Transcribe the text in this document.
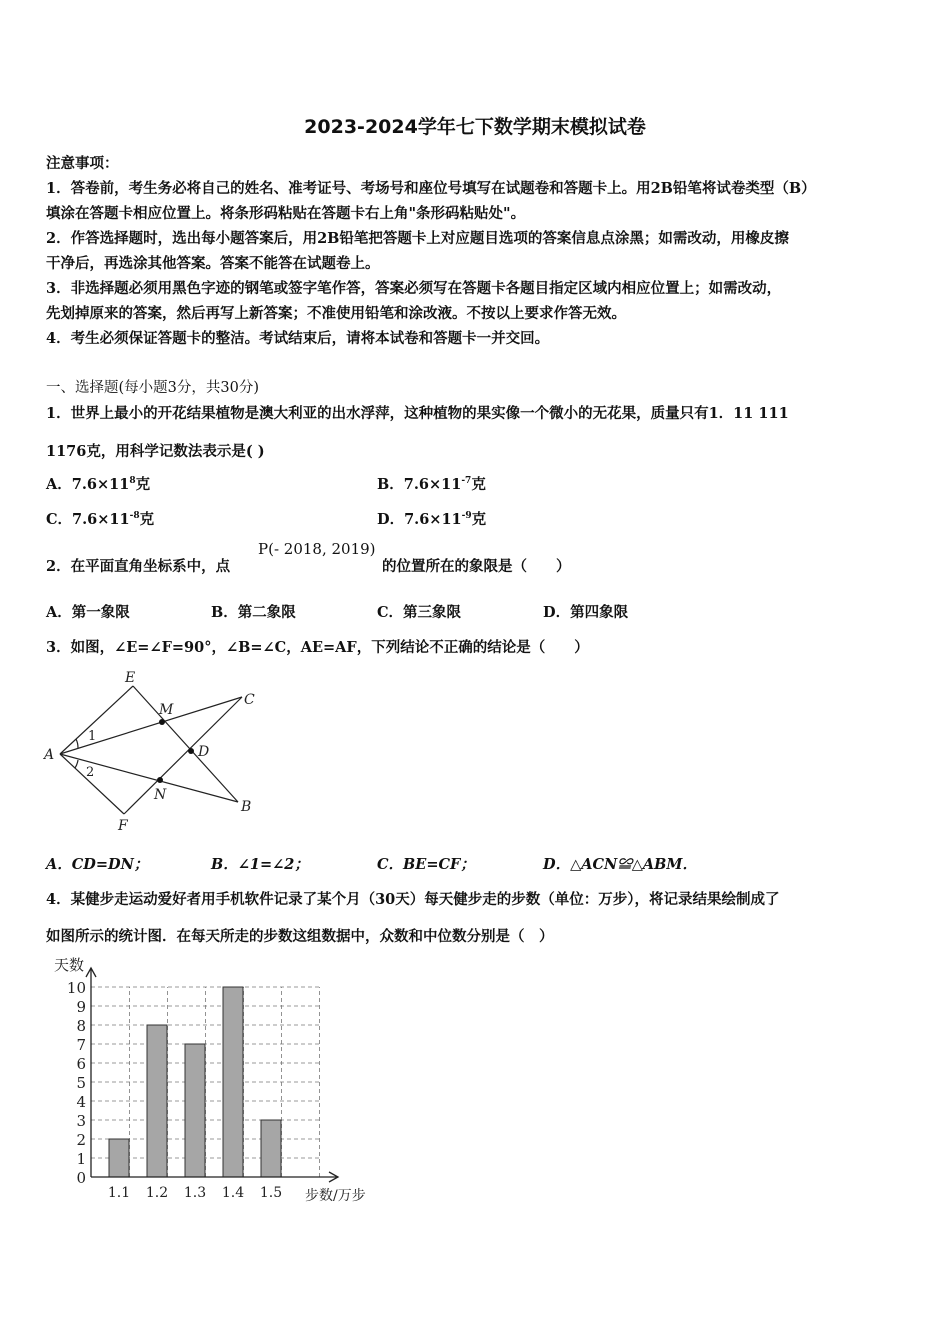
2023-2024学年七下数学期末模拟试卷
注意事项：
1．答卷前，考生务必将自己的姓名、准考证号、考场号和座位号填写在试题卷和答题卡上。用2B铅笔将试卷类型（B）
填涂在答题卡相应位置上。将条形码粘贴在答题卡右上角"条形码粘贴处"。
2．作答选择题时，选出每小题答案后，用2B铅笔把答题卡上对应题目选项的答案信息点涂黑；如需改动，用橡皮擦
干净后，再选涂其他答案。答案不能答在试题卷上。
3．非选择题必须用黑色字迹的钢笔或签字笔作答，答案必须写在答题卡各题目指定区域内相应位置上；如需改动，
先划掉原来的答案，然后再写上新答案；不准使用铅笔和涂改液。不按以上要求作答无效。
4．考生必须保证答题卡的整洁。考试结束后，请将本试卷和答题卡一并交回。
一、选择题(每小题3分，共30分)
1．世界上最小的开花结果植物是澳大利亚的出水浮萍，这种植物的果实像一个微小的无花果，质量只有1．11 111
1176克，用科学记数法表示是( )
A．$7.6\times 11^8$克	B．$7.6\times 11^{-7}$克
C．$7.6\times 11^{-8}$克	D．$7.6\times 11^{-9}$克
2．在平面直角坐标系中，点
P(- 2018, 2019)
的位置所在的象限是（　　）
A．第一象限	B．第二象限	C．第三象限	D．第四象限
3．如图，∠E=∠F=90°，∠B=∠C，AE=AF，下列结论不正确的结论是（　　）
A
E
C
M
D
N
B
F
1
2
A．CD=DN；	B．∠1=∠2；	C．BE=CF；	D．△ACN≌△ABM．
4．某健步走运动爱好者用手机软件记录了某个月（30天）每天健步走的步数（单位：万步），将记录结果绘制成了
如图所示的统计图．在每天所走的步数这组数据中，众数和中位数分别是（　）
0
1
2
3
4
5
6
7
8
9
10
1.1 1.2 1.3 1.4 1.5
天数
步数/万步
